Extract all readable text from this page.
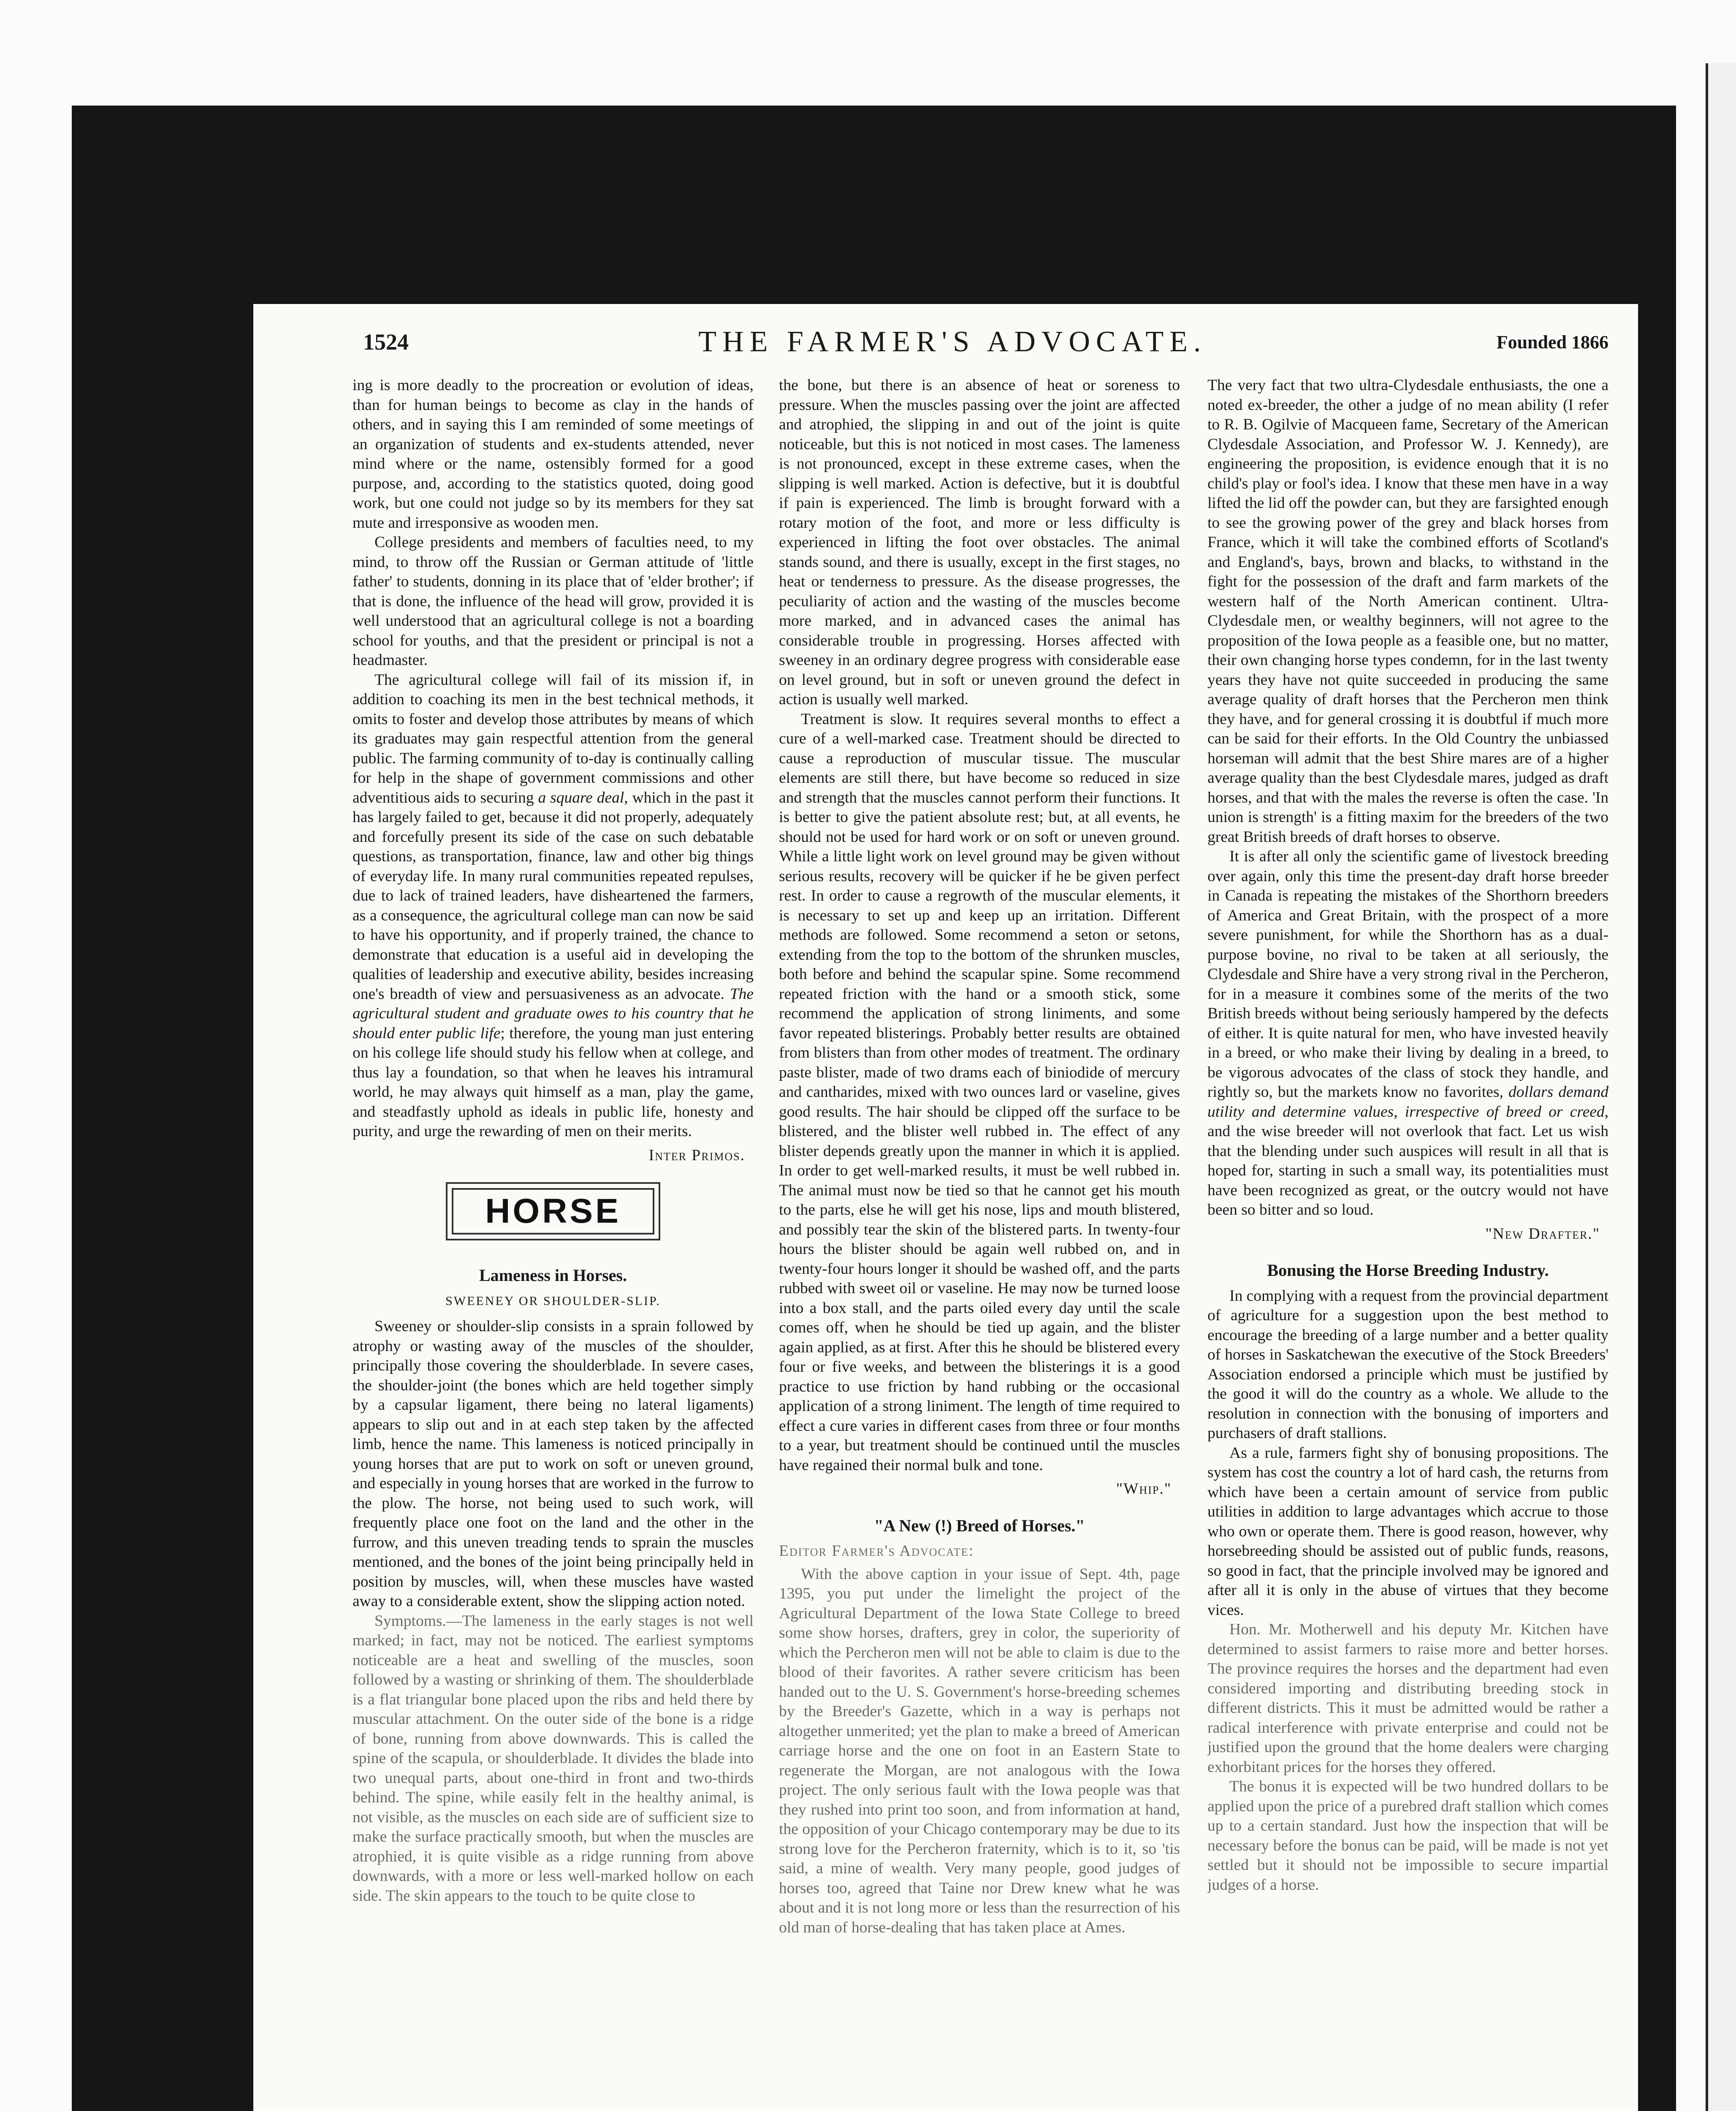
1524	THE FARMER'S ADVOCATE.	Founded 1866

ing is more deadly to the procreation or evolution of ideas, than for human beings to become as clay in the hands of others, and in saying this I am reminded of some meetings of an organization of students and ex-students attended, never mind where or the name, ostensibly formed for a good purpose, and, according to the statistics quoted, doing good work, but one could not judge so by its members for they sat mute and irresponsive as wooden men.

College presidents and members of faculties need, to my mind, to throw off the Russian or German attitude of 'little father' to students, donning in its place that of 'elder brother'; if that is done, the influence of the head will grow, provided it is well understood that an agricultural college is not a boarding school for youths, and that the president or principal is not a headmaster.

The agricultural college will fail of its mission if, in addition to coaching its men in the best technical methods, it omits to foster and develop those attributes by means of which its graduates may gain respectful attention from the general public. The farming community of to-day is continually calling for help in the shape of government commissions and other adventitious aids to securing a square deal, which in the past it has largely failed to get, because it did not properly, adequately and forcefully present its side of the case on such debatable questions, as transportation, finance, law and other big things of everyday life. In many rural communities repeated repulses, due to lack of trained leaders, have disheartened the farmers, as a consequence, the agricultural college man can now be said to have his opportunity, and if properly trained, the chance to demonstrate that education is a useful aid in developing the qualities of leadership and executive ability, besides increasing one's breadth of view and persuasiveness as an advocate. The agricultural student and graduate owes to his country that he should enter public life; therefore, the young man just entering on his college life should study his fellow when at college, and thus lay a foundation, so that when he leaves his intramural world, he may always quit himself as a man, play the game, and steadfastly uphold as ideals in public life, honesty and purity, and urge the rewarding of men on their merits.

Inter Primos.
HORSE
Lameness in Horses.
SWEENEY OR SHOULDER-SLIP.

Sweeney or shoulder-slip consists in a sprain followed by atrophy or wasting away of the muscles of the shoulder, principally those covering the shoulderblade. In severe cases, the shoulder-joint (the bones which are held together simply by a capsular ligament, there being no lateral ligaments) appears to slip out and in at each step taken by the affected limb, hence the name. This lameness is noticed principally in young horses that are put to work on soft or uneven ground, and especially in young horses that are worked in the furrow to the plow. The horse, not being used to such work, will frequently place one foot on the land and the other in the furrow, and this uneven treading tends to sprain the muscles mentioned, and the bones of the joint being principally held in position by muscles, will, when these muscles have wasted away to a considerable extent, show the slipping action noted.

Symptoms.—The lameness in the early stages is not well marked; in fact, may not be noticed. The earliest symptoms noticeable are a heat and swelling of the muscles, soon followed by a wasting or shrinking of them. The shoulderblade is a flat triangular bone placed upon the ribs and held there by muscular attachment. On the outer side of the bone is a ridge of bone, running from above downwards. This is called the spine of the scapula, or shoulderblade. It divides the blade into two unequal parts, about one-third in front and two-thirds behind. The spine, while easily felt in the healthy animal, is not visible, as the muscles on each side are of sufficient size to make the surface practically smooth, but when the muscles are atrophied, it is quite visible as a ridge running from above downwards, with a more or less well-marked hollow on each side. The skin appears to the touch to be quite close to

the bone, but there is an absence of heat or soreness to pressure. When the muscles passing over the joint are affected and atrophied, the slipping in and out of the joint is quite noticeable, but this is not noticed in most cases. The lameness is not pronounced, except in these extreme cases, when the slipping is well marked. Action is defective, but it is doubtful if pain is experienced. The limb is brought forward with a rotary motion of the foot, and more or less difficulty is experienced in lifting the foot over obstacles. The animal stands sound, and there is usually, except in the first stages, no heat or tenderness to pressure. As the disease progresses, the peculiarity of action and the wasting of the muscles become more marked, and in advanced cases the animal has considerable trouble in progressing. Horses affected with sweeney in an ordinary degree progress with considerable ease on level ground, but in soft or uneven ground the defect in action is usually well marked.

Treatment is slow. It requires several months to effect a cure of a well-marked case. Treatment should be directed to cause a reproduction of muscular tissue. The muscular elements are still there, but have become so reduced in size and strength that the muscles cannot perform their functions. It is better to give the patient absolute rest; but, at all events, he should not be used for hard work or on soft or uneven ground. While a little light work on level ground may be given without serious results, recovery will be quicker if he be given perfect rest. In order to cause a regrowth of the muscular elements, it is necessary to set up and keep up an irritation. Different methods are followed. Some recommend a seton or setons, extending from the top to the bottom of the shrunken muscles, both before and behind the scapular spine. Some recommend repeated friction with the hand or a smooth stick, some recommend the application of strong liniments, and some favor repeated blisterings. Probably better results are obtained from blisters than from other modes of treatment. The ordinary paste blister, made of two drams each of biniodide of mercury and cantharides, mixed with two ounces lard or vaseline, gives good results. The hair should be clipped off the surface to be blistered, and the blister well rubbed in. The effect of any blister depends greatly upon the manner in which it is applied. In order to get well-marked results, it must be well rubbed in. The animal must now be tied so that he cannot get his mouth to the parts, else he will get his nose, lips and mouth blistered, and possibly tear the skin of the blistered parts. In twenty-four hours the blister should be again well rubbed on, and in twenty-four hours longer it should be washed off, and the parts rubbed with sweet oil or vaseline. He may now be turned loose into a box stall, and the parts oiled every day until the scale comes off, when he should be tied up again, and the blister again applied, as at first. After this he should be blistered every four or five weeks, and between the blisterings it is a good practice to use friction by hand rubbing or the occasional application of a strong liniment. The length of time required to effect a cure varies in different cases from three or four months to a year, but treatment should be continued until the muscles have regained their normal bulk and tone.

"Whip."
"A New (!) Breed of Horses."
Editor Farmer's Advocate:

With the above caption in your issue of Sept. 4th, page 1395, you put under the limelight the project of the Agricultural Department of the Iowa State College to breed some show horses, drafters, grey in color, the superiority of which the Percheron men will not be able to claim is due to the blood of their favorites. A rather severe criticism has been handed out to the U. S. Government's horse-breeding schemes by the Breeder's Gazette, which in a way is perhaps not altogether unmerited; yet the plan to make a breed of American carriage horse and the one on foot in an Eastern State to regenerate the Morgan, are not analogous with the Iowa project. The only serious fault with the Iowa people was that they rushed into print too soon, and from information at hand, the opposition of your Chicago contemporary may be due to its strong love for the Percheron fraternity, which is to it, so 'tis said, a mine of wealth. Very many people, good judges of horses too, agreed that Taine nor Drew knew what he was about and it is not long more or less than the resurrection of his old man of horse-dealing that has taken place at Ames.

The very fact that two ultra-Clydesdale enthusiasts, the one a noted ex-breeder, the other a judge of no mean ability (I refer to R. B. Ogilvie of Macqueen fame, Secretary of the American Clydesdale Association, and Professor W. J. Kennedy), are engineering the proposition, is evidence enough that it is no child's play or fool's idea. I know that these men have in a way lifted the lid off the powder can, but they are farsighted enough to see the growing power of the grey and black horses from France, which it will take the combined efforts of Scotland's and England's, bays, brown and blacks, to withstand in the fight for the possession of the draft and farm markets of the western half of the North American continent. Ultra-Clydesdale men, or wealthy beginners, will not agree to the proposition of the Iowa people as a feasible one, but no matter, their own changing horse types condemn, for in the last twenty years they have not quite succeeded in producing the same average quality of draft horses that the Percheron men think they have, and for general crossing it is doubtful if much more can be said for their efforts. In the Old Country the unbiassed horseman will admit that the best Shire mares are of a higher average quality than the best Clydesdale mares, judged as draft horses, and that with the males the reverse is often the case. 'In union is strength' is a fitting maxim for the breeders of the two great British breeds of draft horses to observe.

It is after all only the scientific game of livestock breeding over again, only this time the present-day draft horse breeder in Canada is repeating the mistakes of the Shorthorn breeders of America and Great Britain, with the prospect of a more severe punishment, for while the Shorthorn has as a dual-purpose bovine, no rival to be taken at all seriously, the Clydesdale and Shire have a very strong rival in the Percheron, for in a measure it combines some of the merits of the two British breeds without being seriously hampered by the defects of either. It is quite natural for men, who have invested heavily in a breed, or who make their living by dealing in a breed, to be vigorous advocates of the class of stock they handle, and rightly so, but the markets know no favorites, dollars demand utility and determine values, irrespective of breed or creed, and the wise breeder will not overlook that fact. Let us wish that the blending under such auspices will result in all that is hoped for, starting in such a small way, its potentialities must have been recognized as great, or the outcry would not have been so bitter and so loud.

"New Drafter."
Bonusing the Horse Breeding Industry.

In complying with a request from the provincial department of agriculture for a suggestion upon the best method to encourage the breeding of a large number and a better quality of horses in Saskatchewan the executive of the Stock Breeders' Association endorsed a principle which must be justified by the good it will do the country as a whole. We allude to the resolution in connection with the bonusing of importers and purchasers of draft stallions.

As a rule, farmers fight shy of bonusing propositions. The system has cost the country a lot of hard cash, the returns from which have been a certain amount of service from public utilities in addition to large advantages which accrue to those who own or operate them. There is good reason, however, why horsebreeding should be assisted out of public funds, reasons, so good in fact, that the principle involved may be ignored and after all it is only in the abuse of virtues that they become vices.

Hon. Mr. Motherwell and his deputy Mr. Kitchen have determined to assist farmers to raise more and better horses. The province requires the horses and the department had even considered importing and distributing breeding stock in different districts. This it must be admitted would be rather a radical interference with private enterprise and could not be justified upon the ground that the home dealers were charging exhorbitant prices for the horses they offered.

The bonus it is expected will be two hundred dollars to be applied upon the price of a purebred draft stallion which comes up to a certain standard. Just how the inspection that will be necessary before the bonus can be paid, will be made is not yet settled but it should not be impossible to secure impartial judges of a horse.
